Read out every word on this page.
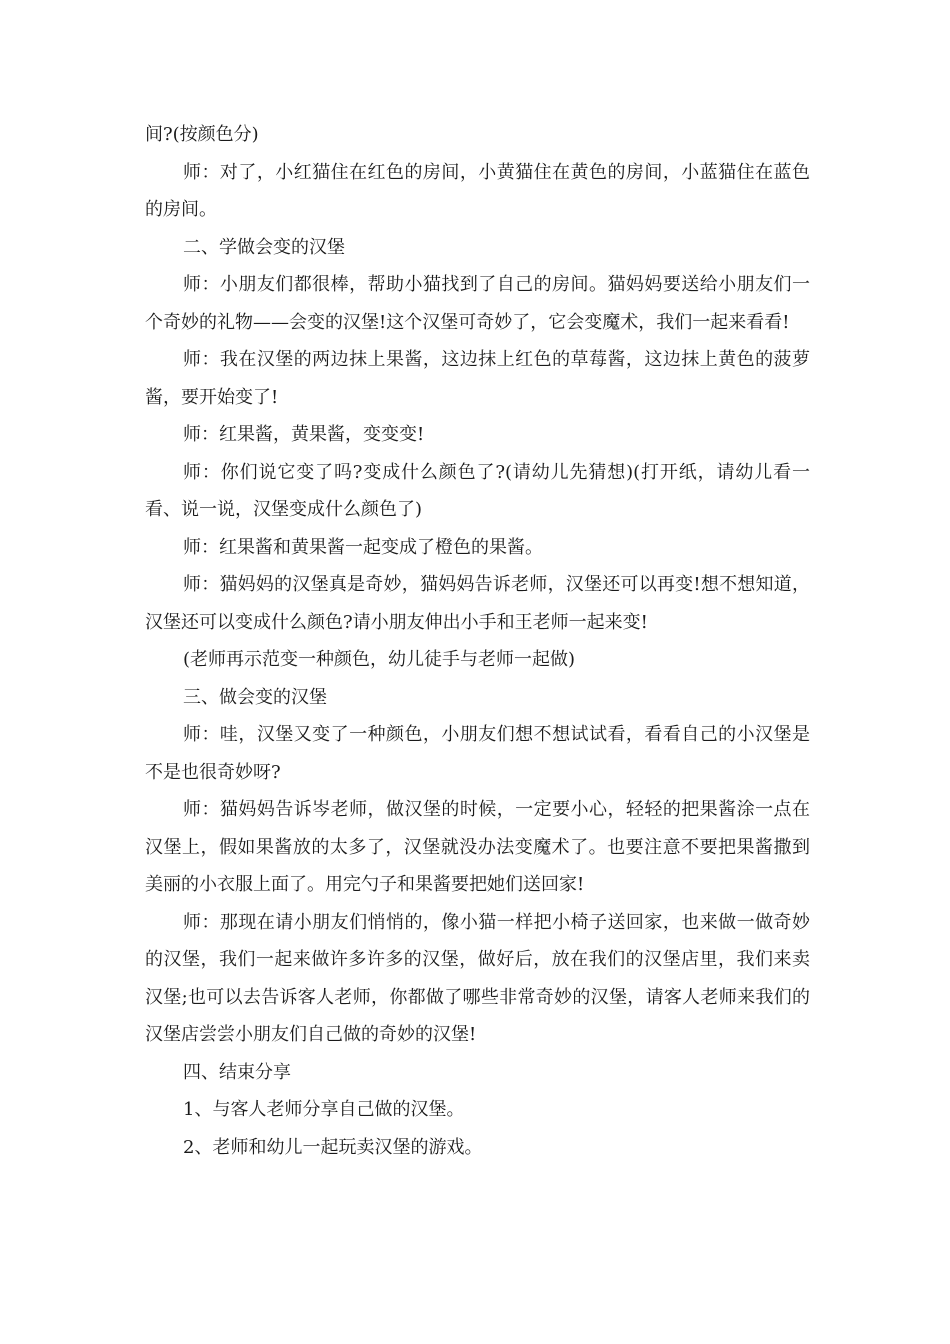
间?(按颜色分)

师：对了，小红猫住在红色的房间，小黄猫住在黄色的房间，小蓝猫住在蓝色的房间。

二、学做会变的汉堡

师：小朋友们都很棒，帮助小猫找到了自己的房间。猫妈妈要送给小朋友们一个奇妙的礼物——会变的汉堡!这个汉堡可奇妙了，它会变魔术，我们一起来看看!

师：我在汉堡的两边抹上果酱，这边抹上红色的草莓酱，这边抹上黄色的菠萝酱，要开始变了!

师：红果酱，黄果酱，变变变!

师：你们说它变了吗?变成什么颜色了?(请幼儿先猜想)(打开纸，请幼儿看一看、说一说，汉堡变成什么颜色了)

师：红果酱和黄果酱一起变成了橙色的果酱。

师：猫妈妈的汉堡真是奇妙，猫妈妈告诉老师，汉堡还可以再变!想不想知道，汉堡还可以变成什么颜色?请小朋友伸出小手和王老师一起来变!

(老师再示范变一种颜色，幼儿徒手与老师一起做)

三、做会变的汉堡

师：哇，汉堡又变了一种颜色，小朋友们想不想试试看，看看自己的小汉堡是不是也很奇妙呀?

师：猫妈妈告诉岑老师，做汉堡的时候，一定要小心，轻轻的把果酱涂一点在汉堡上，假如果酱放的太多了，汉堡就没办法变魔术了。也要注意不要把果酱撒到美丽的小衣服上面了。用完勺子和果酱要把她们送回家!

师：那现在请小朋友们悄悄的，像小猫一样把小椅子送回家，也来做一做奇妙的汉堡，我们一起来做许多许多的汉堡，做好后，放在我们的汉堡店里，我们来卖汉堡;也可以去告诉客人老师，你都做了哪些非常奇妙的汉堡，请客人老师来我们的汉堡店尝尝小朋友们自己做的奇妙的汉堡!

四、结束分享

1、与客人老师分享自己做的汉堡。

2、老师和幼儿一起玩卖汉堡的游戏。
